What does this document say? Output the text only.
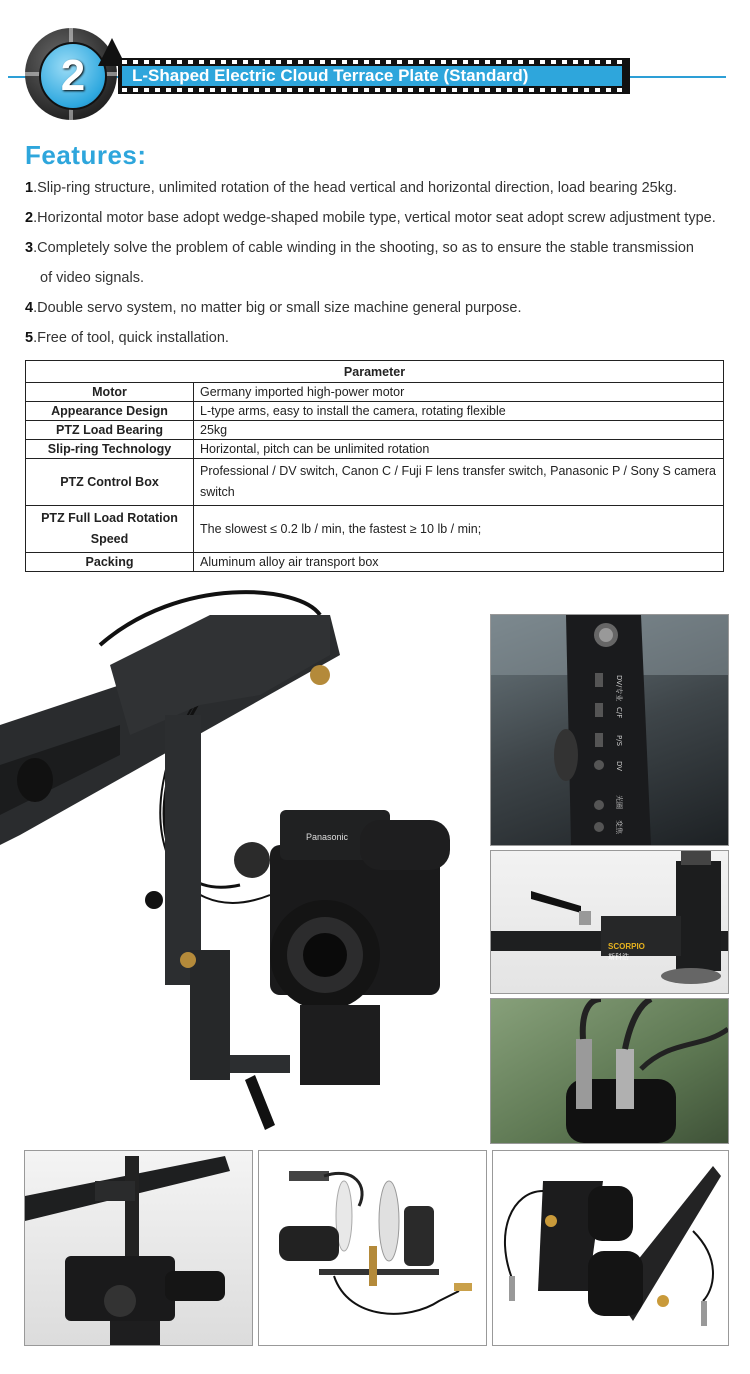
2	L-Shaped Electric Cloud Terrace Plate (Standard)
Features:
1.Slip-ring structure, unlimited rotation of the head vertical and horizontal direction, load bearing 25kg.
2.Horizontal motor base adopt wedge-shaped mobile type, vertical motor seat adopt screw adjustment type.
3.Completely solve the problem of cable winding in the shooting, so as to ensure the stable transmission
of video signals.
4.Double servo system, no matter big or small size machine general purpose.
5.Free of tool, quick installation.
Parameter	
Motor	Germany imported high-power motor
Appearance Design	L-type arms, easy to install the camera, rotating flexible
PTZ Load Bearing	25kg
Slip-ring Technology	Horizontal, pitch can be unlimited rotation
PTZ Control Box	Professional / DV switch, Canon C / Fuji F lens transfer switch, Panasonic P / Sony S camera switch
PTZ Full Load Rotation Speed	The slowest ≤ 0.2 lb / min, the fastest ≥ 10 lb / min;
Packing	Aluminum alloy air transport box
Panasonic
DV/专业
C/F
P/S
DV
光圈
变焦
SCORPIO
斯科浩
